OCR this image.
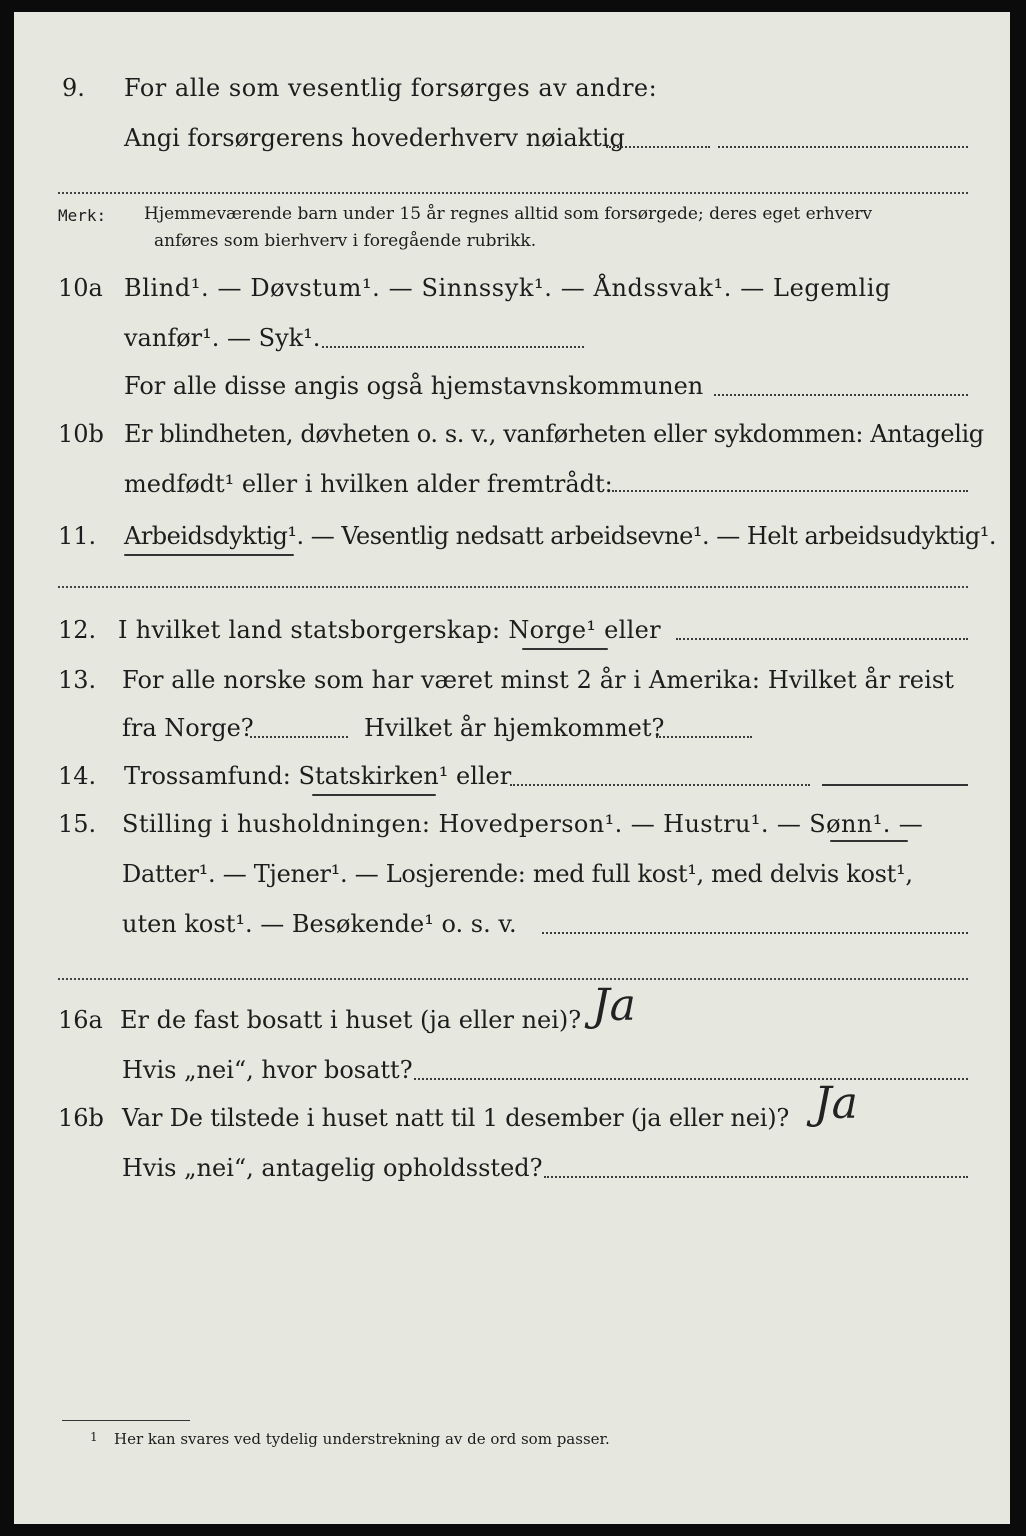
9. For alle som vesentlig forsørges av andre:
Angi forsørgerens hovederhverv nøiaktig
Merk: Hjemmeværende barn under 15 år regnes alltid som forsørgede; deres eget erhverv
anføres som bierhverv i foregående rubrikk.
10a Blind¹. — Døvstum¹. — Sinnssyk¹. — Åndssvak¹. — Legemlig
vanfør¹. — Syk¹.
For alle disse angis også hjemstavnskommunen
10b Er blindheten, døvheten o. s. v., vanførheten eller sykdommen: Antagelig
medfødt¹ eller i hvilken alder fremtrådt:
11. Arbeidsdyktig¹. — Vesentlig nedsatt arbeidsevne¹. — Helt arbeidsudyktig¹.
12. I hvilket land statsborgerskap: Norge¹ eller
13. For alle norske som har været minst 2 år i Amerika: Hvilket år reist
fra Norge?	Hvilket år hjemkommet?
14. Trossamfund: Statskirken¹ eller
15. Stilling i husholdningen: Hovedperson¹. — Hustru¹. — Sønn¹. —
Datter¹. — Tjener¹. — Losjerende: med full kost¹, med delvis kost¹,
uten kost¹. — Besøkende¹ o. s. v.
16a Er de fast bosatt i huset (ja eller nei)? Ja
Hvis „nei“, hvor bosatt?
16b Var De tilstede i huset natt til 1 desember (ja eller nei)? Ja
Hvis „nei“, antagelig opholdssted?
1 Her kan svares ved tydelig understrekning av de ord som passer.
